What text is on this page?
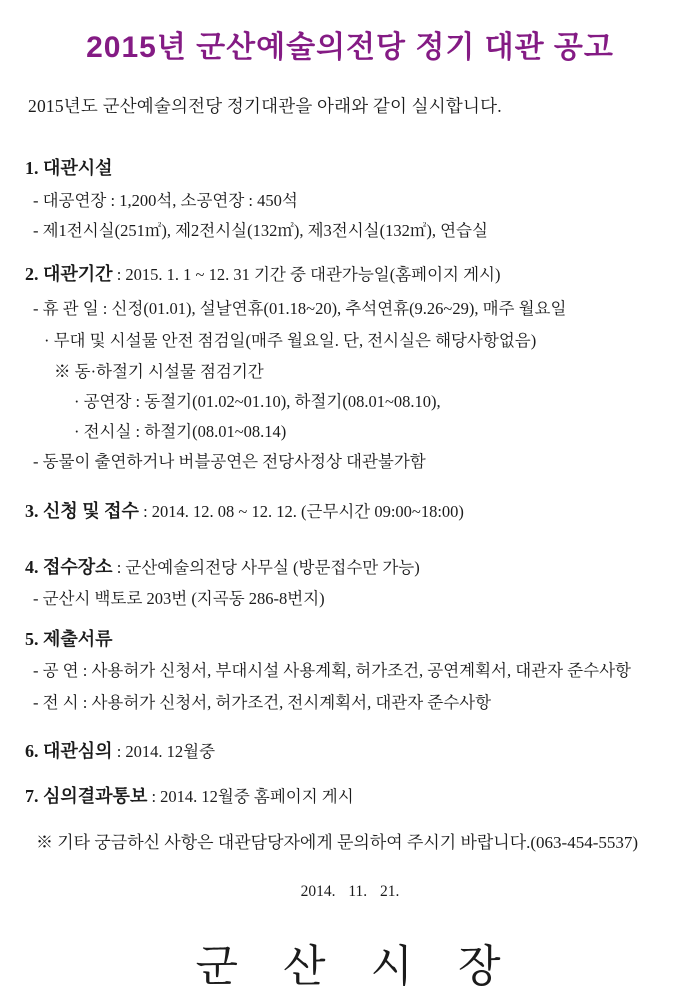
2015년 군산예술의전당 정기 대관 공고

2015년도 군산예술의전당 정기대관을 아래와 같이 실시합니다.

1. 대관시설
- 대공연장 : 1,200석, 소공연장 : 450석
- 제1전시실(251㎡), 제2전시실(132㎡), 제3전시실(132㎡), 연습실
2. 대관기간 : 2015. 1. 1 ~ 12. 31 기간 중 대관가능일(홈페이지 게시)
- 휴 관 일 : 신정(01.01), 설날연휴(01.18~20), 추석연휴(9.26~29), 매주 월요일
· 무대 및 시설물 안전 점검일(매주 월요일. 단, 전시실은 해당사항없음)
※ 동·하절기 시설물 점검기간
· 공연장 : 동절기(01.02~01.10), 하절기(08.01~08.10),
· 전시실 : 하절기(08.01~08.14)
- 동물이 출연하거나 버블공연은 전당사정상 대관불가함
3. 신청 및 접수 : 2014. 12. 08 ~ 12. 12. (근무시간 09:00~18:00)
4. 접수장소 : 군산예술의전당 사무실 (방문접수만 가능)
- 군산시 백토로 203번 (지곡동 286-8번지)
5. 제출서류
- 공 연 : 사용허가 신청서, 부대시설 사용계획, 허가조건, 공연계획서, 대관자 준수사항
- 전 시 : 사용허가 신청서, 허가조건, 전시계획서, 대관자 준수사항
6. 대관심의 : 2014. 12월중
7. 심의결과통보 : 2014. 12월중 홈페이지 게시
※ 기타 궁금하신 사항은 대관담당자에게 문의하여 주시기 바랍니다.(063-454-5537)
2014. 11. 21.
군 산 시 장
